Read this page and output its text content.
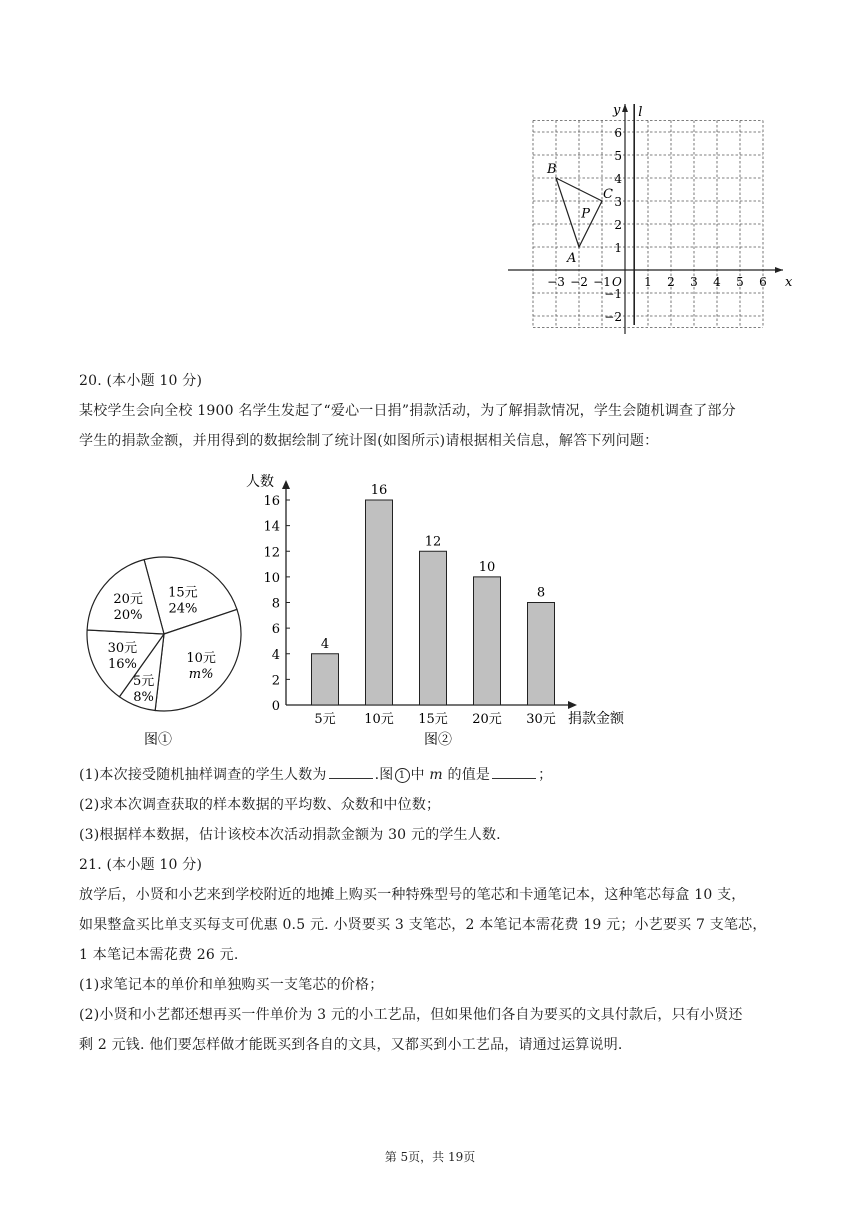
x
y l
O
−3 −2 −1	1 2 3 4 5 6
6
5
4
3
2
1
−1
−2
A
B
C
P
20. (本小题 10 分)
某校学生会向全校 1900 名学生发起了“爱心一日捐”捐款活动，为了解捐款情况，学生会随机调查了部分
学生的捐款金额，并用得到的数据绘制了统计图(如图所示)请根据相关信息，解答下列问题：
15元
24%
10元
m%
5元
8%
30元
16%
20元
20%
图①
0
2
4
6
8
10
12
14
16
4
16
12
10
8
5元 10元 15元 20元 30元
人数
捐款金额
图②
(1)本次接受随机抽样调查的学生人数为	.图 1 中 m 的值是	；
(2)求本次调查获取的样本数据的平均数、众数和中位数；
(3)根据样本数据，估计该校本次活动捐款金额为 30 元的学生人数.
21. (本小题 10 分)
放学后，小贤和小艺来到学校附近的地摊上购买一种特殊型号的笔芯和卡通笔记本，这种笔芯每盒 10 支，
如果整盒买比单支买每支可优惠 0.5 元. 小贤要买 3 支笔芯，2 本笔记本需花费 19 元；小艺要买 7 支笔芯，
1 本笔记本需花费 26 元.
(1)求笔记本的单价和单独购买一支笔芯的价格；
(2)小贤和小艺都还想再买一件单价为 3 元的小工艺品，但如果他们各自为要买的文具付款后，只有小贤还
剩 2 元钱. 他们要怎样做才能既买到各自的文具，又都买到小工艺品，请通过运算说明.
第 5页，共 19页
